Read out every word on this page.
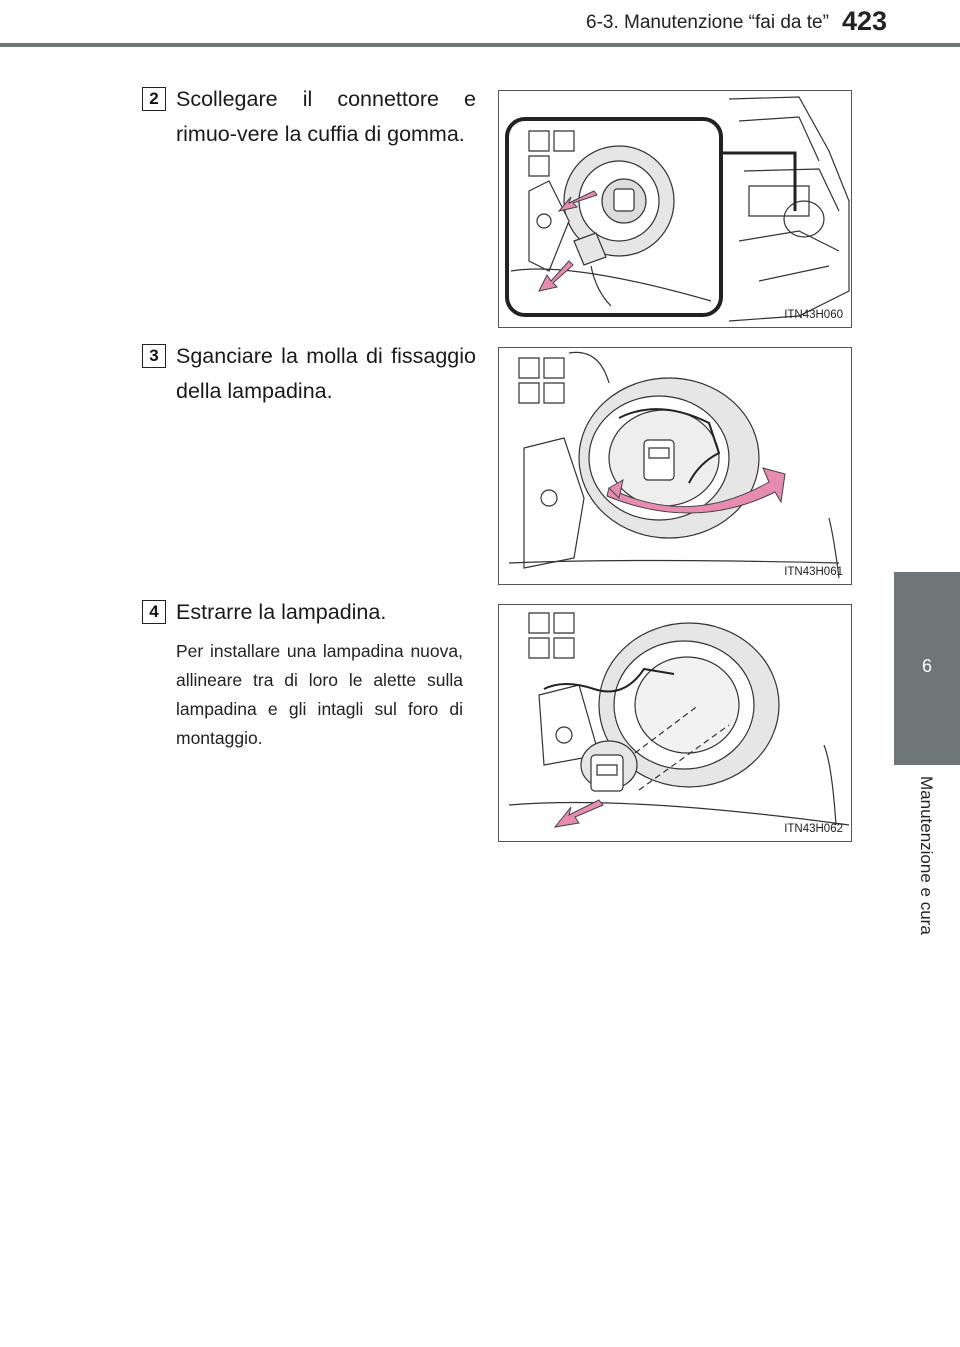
6-3. Manutenzione “fai da te” 423
6
Manutenzione e cura
2 Scollegare il connettore e rimuo-vere la cuffia di gomma.
ITN43H060
3 Sganciare la molla di fissaggio della lampadina.
ITN43H061
4 Estrarre la lampadina.
Per installare una lampadina nuova, allineare tra di loro le alette sulla lampadina e gli intagli sul foro di montaggio.
ITN43H062
